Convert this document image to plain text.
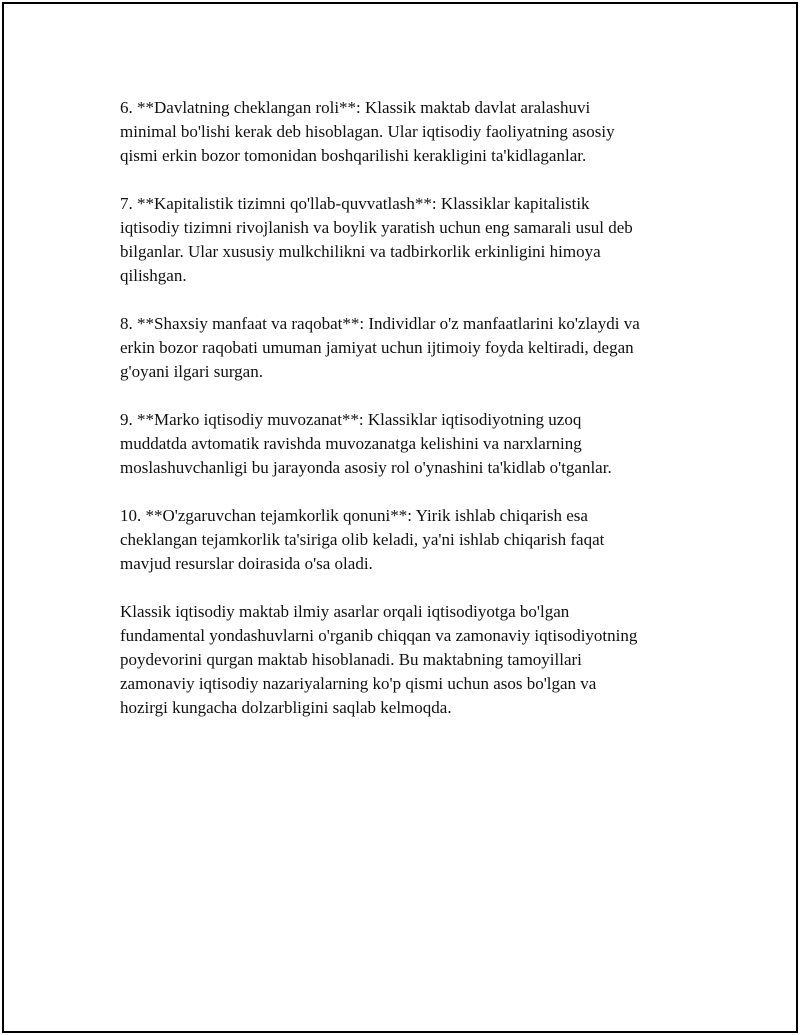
6. **Davlatning cheklangan roli**: Klassik maktab davlat aralashuvi
minimal bo'lishi kerak deb hisoblagan. Ular iqtisodiy faoliyatning asosiy
qismi erkin bozor tomonidan boshqarilishi kerakligini ta'kidlaganlar.

7. **Kapitalistik tizimni qo'llab-quvvatlash**: Klassiklar kapitalistik
iqtisodiy tizimni rivojlanish va boylik yaratish uchun eng samarali usul deb
bilganlar. Ular xususiy mulkchilikni va tadbirkorlik erkinligini himoya
qilishgan.

8. **Shaxsiy manfaat va raqobat**: Individlar o'z manfaatlarini ko'zlaydi va
erkin bozor raqobati umuman jamiyat uchun ijtimoiy foyda keltiradi, degan
g'oyani ilgari surgan.

9. **Marko iqtisodiy muvozanat**: Klassiklar iqtisodiyotning uzoq
muddatda avtomatik ravishda muvozanatga kelishini va narxlarning
moslashuvchanligi bu jarayonda asosiy rol o'ynashini ta'kidlab o'tganlar.

10. **O'zgaruvchan tejamkorlik qonuni**: Yirik ishlab chiqarish esa
cheklangan tejamkorlik ta'siriga olib keladi, ya'ni ishlab chiqarish faqat
mavjud resurslar doirasida o'sa oladi.

Klassik iqtisodiy maktab ilmiy asarlar orqali iqtisodiyotga bo'lgan
fundamental yondashuvlarni o'rganib chiqqan va zamonaviy iqtisodiyotning
poydevorini qurgan maktab hisoblanadi. Bu maktabning tamoyillari
zamonaviy iqtisodiy nazariyalarning ko'p qismi uchun asos bo'lgan va
hozirgi kungacha dolzarbligini saqlab kelmoqda.
